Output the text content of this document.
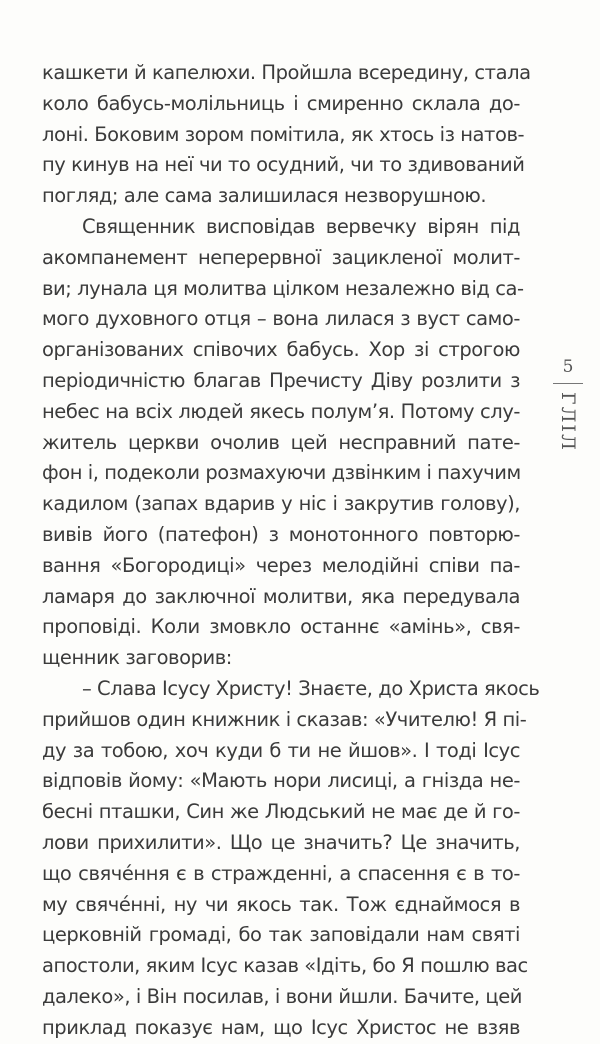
кашкети й капелюхи. Пройшла всередину, стала
коло бабусь-молільниць і смиренно склала до-
лоні. Боковим зором помітила, як хтось із натов-
пу кинув на неї чи то осудний, чи то здивований
погляд; але сама залишилася незворушною.
Священник висповідав вервечку вірян під
акомпанемент неперервної зацикленої молит-
ви; лунала ця молитва цілком незалежно від са-
мого духовного отця – вона лилася з вуст само-
організованих співочих бабусь. Хор зі строгою
періодичністю благав Пречисту Діву розлити з
небес на всіх людей якесь полум’я. Потому слу-
житель церкви очолив цей несправний пате-
фон і, подеколи розмахуючи дзвінким і пахучим
кадилом (запах вдарив у ніс і закрутив голову),
вивів його (патефон) з монотонного повторю-
вання «Богородиці» через мелодійні співи па-
ламаря до заключної молитви, яка передувала
проповіді. Коли змовкло останнє «амінь», свя-
щенник заговорив:
– Слава Ісусу Христу! Знаєте, до Христа якось
прийшов один книжник і сказав: «Учителю! Я пі-
ду за тобою, хоч куди б ти не йшов». І тоді Ісус
відповів йому: «Мають нори лисиці, а гнізда не-
бесні пташки, Син же Людський не має де й го-
лови прихилити». Що це значить? Це значить,
що свячéння є в стражденні, а спасення є в то-
му свячéнні, ну чи якось так. Тож єднаймося в
церковній громаді, бо так заповідали нам святі
апостоли, яким Ісус казав «Ідіть, бо Я пошлю вас
далеко», і Він посилав, і вони йшли. Бачите, цей
приклад показує нам, що Ісус Христос не взяв
5
ГЛІЛ
